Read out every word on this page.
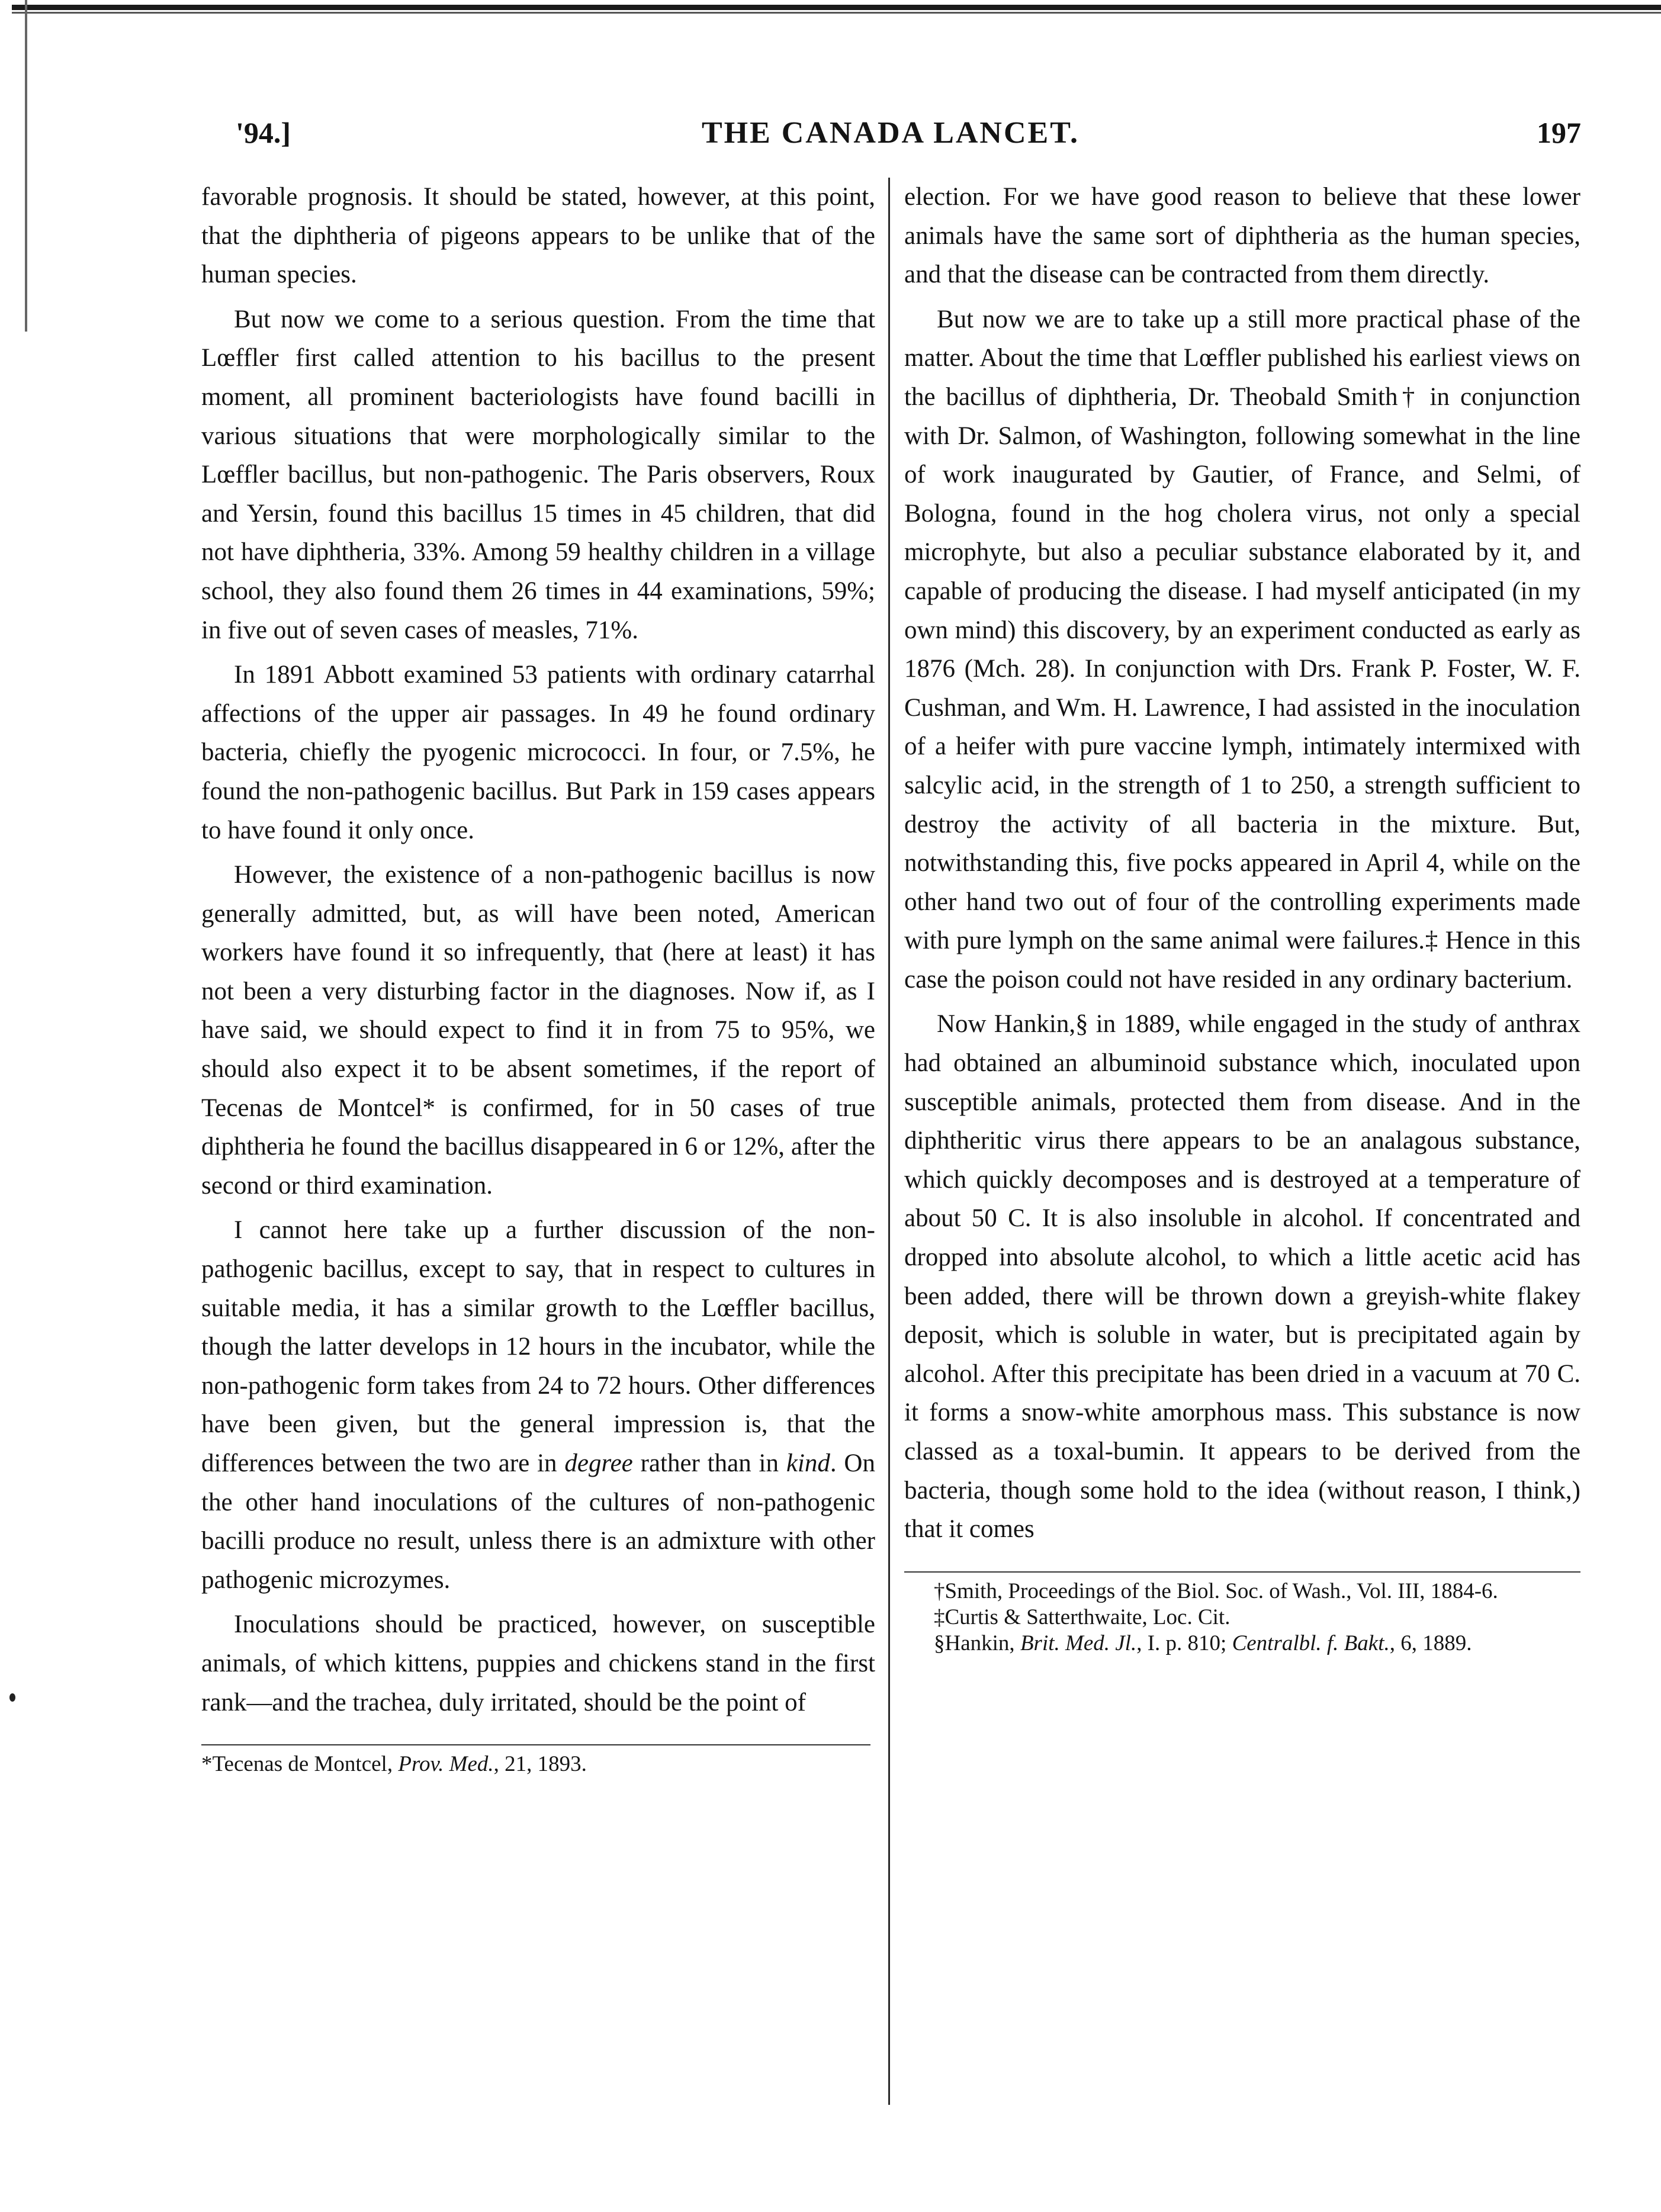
'94.]	THE CANADA LANCET.	197

favorable prognosis. It should be stated, however, at this point, that the diphtheria of pigeons appears to be unlike that of the human species.

But now we come to a serious question. From the time that Lœffler first called attention to his bacillus to the present moment, all prominent bacteriologists have found bacilli in various situations that were morphologically similar to the Lœffler bacillus, but non-pathogenic. The Paris observers, Roux and Yersin, found this bacillus 15 times in 45 children, that did not have diphtheria, 33%. Among 59 healthy children in a village school, they also found them 26 times in 44 examinations, 59%; in five out of seven cases of measles, 71%.

In 1891 Abbott examined 53 patients with ordinary catarrhal affections of the upper air passages. In 49 he found ordinary bacteria, chiefly the pyogenic micrococci. In four, or 7.5%, he found the non-pathogenic bacillus. But Park in 159 cases appears to have found it only once.

However, the existence of a non-pathogenic bacillus is now generally admitted, but, as will have been noted, American workers have found it so infrequently, that (here at least) it has not been a very disturbing factor in the diagnoses. Now if, as I have said, we should expect to find it in from 75 to 95%, we should also expect it to be absent sometimes, if the report of Tecenas de Montcel* is confirmed, for in 50 cases of true diphtheria he found the bacillus disappeared in 6 or 12%, after the second or third examination.

I cannot here take up a further discussion of the non-pathogenic bacillus, except to say, that in respect to cultures in suitable media, it has a similar growth to the Lœffler bacillus, though the latter develops in 12 hours in the incubator, while the non-pathogenic form takes from 24 to 72 hours. Other differences have been given, but the general impression is, that the differences between the two are in degree rather than in kind. On the other hand inoculations of the cultures of non-pathogenic bacilli produce no result, unless there is an admixture with other pathogenic microzymes.

Inoculations should be practiced, however, on susceptible animals, of which kittens, puppies and chickens stand in the first rank—and the trachea, duly irritated, should be the point of

*Tecenas de Montcel, Prov. Med., 21, 1893.

election. For we have good reason to believe that these lower animals have the same sort of diphtheria as the human species, and that the disease can be contracted from them directly.

But now we are to take up a still more practical phase of the matter. About the time that Lœffler published his earliest views on the bacillus of diphtheria, Dr. Theobald Smith† in conjunction with Dr. Salmon, of Washington, following somewhat in the line of work inaugurated by Gautier, of France, and Selmi, of Bologna, found in the hog cholera virus, not only a special microphyte, but also a peculiar substance elaborated by it, and capable of producing the disease. I had myself anticipated (in my own mind) this discovery, by an experiment conducted as early as 1876 (Mch. 28). In conjunction with Drs. Frank P. Foster, W. F. Cushman, and Wm. H. Lawrence, I had assisted in the inoculation of a heifer with pure vaccine lymph, intimately intermixed with salcylic acid, in the strength of 1 to 250, a strength sufficient to destroy the activity of all bacteria in the mixture. But, notwithstanding this, five pocks appeared in April 4, while on the other hand two out of four of the controlling experiments made with pure lymph on the same animal were failures.‡ Hence in this case the poison could not have resided in any ordinary bacterium.

Now Hankin,§ in 1889, while engaged in the study of anthrax had obtained an albuminoid substance which, inoculated upon susceptible animals, protected them from disease. And in the diphtheritic virus there appears to be an analagous substance, which quickly decomposes and is destroyed at a temperature of about 50 C. It is also insoluble in alcohol. If concentrated and dropped into absolute alcohol, to which a little acetic acid has been added, there will be thrown down a greyish-white flakey deposit, which is soluble in water, but is precipitated again by alcohol. After this precipitate has been dried in a vacuum at 70 C. it forms a snow-white amorphous mass. This substance is now classed as a toxal-bumin. It appears to be derived from the bacteria, though some hold to the idea (without reason, I think,) that it comes

†Smith, Proceedings of the Biol. Soc. of Wash., Vol. III, 1884-6.
‡Curtis & Satterthwaite, Loc. Cit.
§Hankin, Brit. Med. Jl., I. p. 810; Centralbl. f. Bakt., 6, 1889.
